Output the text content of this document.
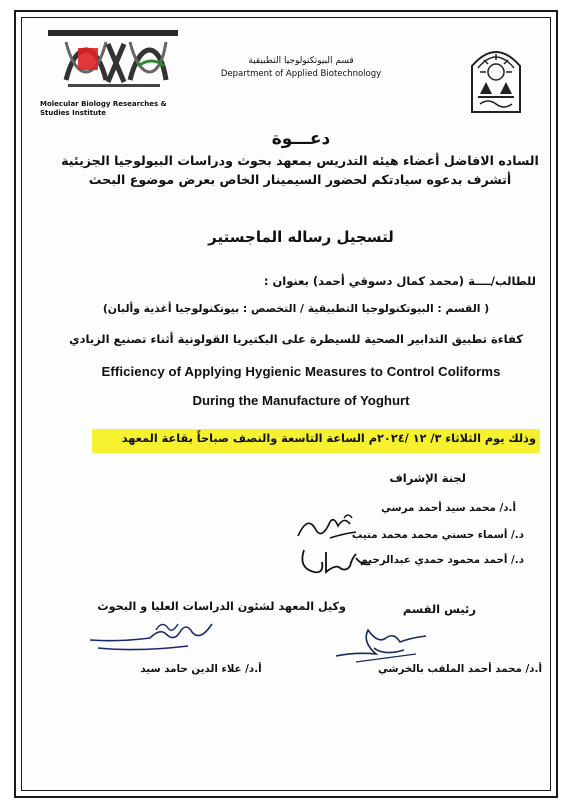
Molecular Biology Researches & Studies Institute
قسم البيوتكنولوجيا التطبيقية
Department of Applied Biotechnology
دعـــوة
الساده الافاضل أعضاء هيئه التدريس بمعهد بحوث ودراسات البيولوجيا الجزيئية
أتشرف بدعوه سيادتكم لحضور السيمينار الخاص بعرض موضوع البحث
لتسجيل رساله الماجستير
للطالب/ــــة (محمد كمال دسوقي أحمد) بعنوان :
( القسم : البيوتكنولوجيا التطبيقية / التخصص : بيوتكنولوجيا أغذية وألبان)
كفاءة تطبيق التدابير الصحية للسيطرة على البكتيريا القولونية أثناء تصنيع الزبادي
Efficiency of Applying Hygienic Measures to Control Coliforms
During the Manufacture of Yoghurt
وذلك يوم الثلاثاء ٣/ ١٢ /٢٠٢٤م الساعة التاسعة والنصف صباحاً بقاعة المعهد
لجنة الإشراف
أ.د/ محمد سيد أحمد مرسي
د./ أسماء حسني محمد محمد منيب
د./ أحمد محمود حمدي عبدالرحيم
رئيس القسم
وكيل المعهد لشئون الدراسات العليا و البحوث
أ.د/ محمد أحمد الملقب بالخرشي
أ.د/ علاء الدين حامد سيد
